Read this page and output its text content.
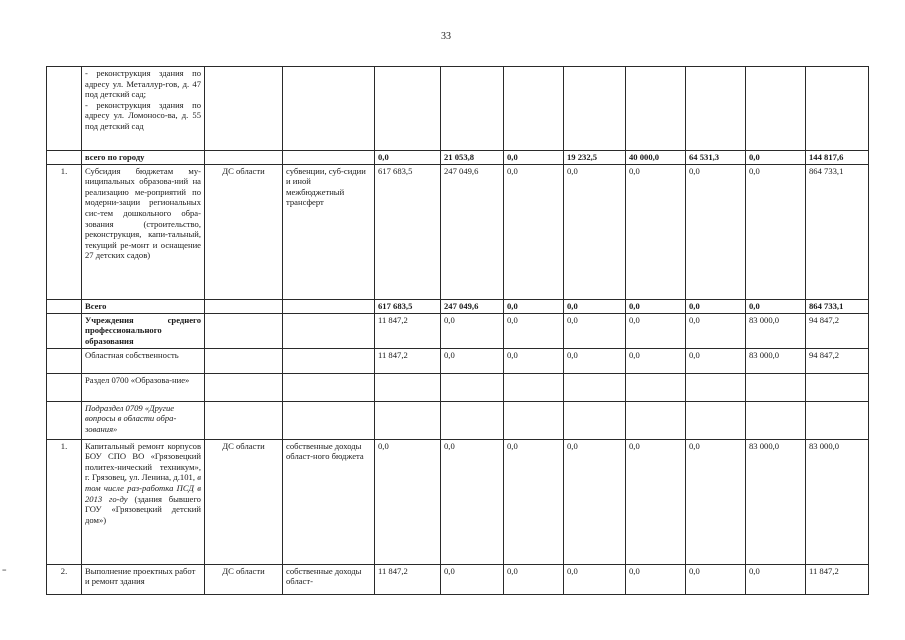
33
=

	- реконструкция здания по адресу ул. Металлур-гов, д. 47 под детский сад;
- реконструкция здания по адресу ул. Ломоносо-ва, д. 55 под детский сад										

	всего по городу			0,0	21 053,8	0,0	19 232,5	40 000,0	64 531,3	0,0	144 817,6
1.	Субсидия бюджетам му-ниципальных образова-ний на реализацию ме-роприятий по модерни-зации региональных сис-тем дошкольного обра-зования (строительство, реконструкция, капи-тальный, текущий ре-монт и оснащение 27 детских садов)	ДС области	субвенции, суб-сидии и иной межбюджетный трансферт	617 683,5	247 049,6	0,0	0,0	0,0	0,0	0,0	864 733,1
	Всего			617 683,5	247 049,6	0,0	0,0	0,0	0,0	0,0	864 733,1
	Учреждения среднего профессионального образования			11 847,2	0,0	0,0	0,0	0,0	0,0	83 000,0	94 847,2
	Областная собственность			11 847,2	0,0	0,0	0,0	0,0	0,0	83 000,0	94 847,2
	Раздел 0700 «Образова-ние»										
	Подраздел 0709 «Другие вопросы в области обра-зования»										
1.	Капитальный ремонт корпусов БОУ СПО ВО «Грязовецкий политех-нический техникум», г. Грязовец, ул. Ленина, д.101, в том числе раз-работка ПСД в 2013 го-ду (здания бывшего ГОУ «Грязовецкий детский дом»)	ДС области	собственные доходы област-ного бюджета	0,0	0,0	0,0	0,0	0,0	0,0	83 000,0	83 000,0
2.	Выполнение проектных работ и ремонт здания	ДС области	собственные доходы област-	11 847,2	0,0	0,0	0,0	0,0	0,0	0,0	11 847,2
